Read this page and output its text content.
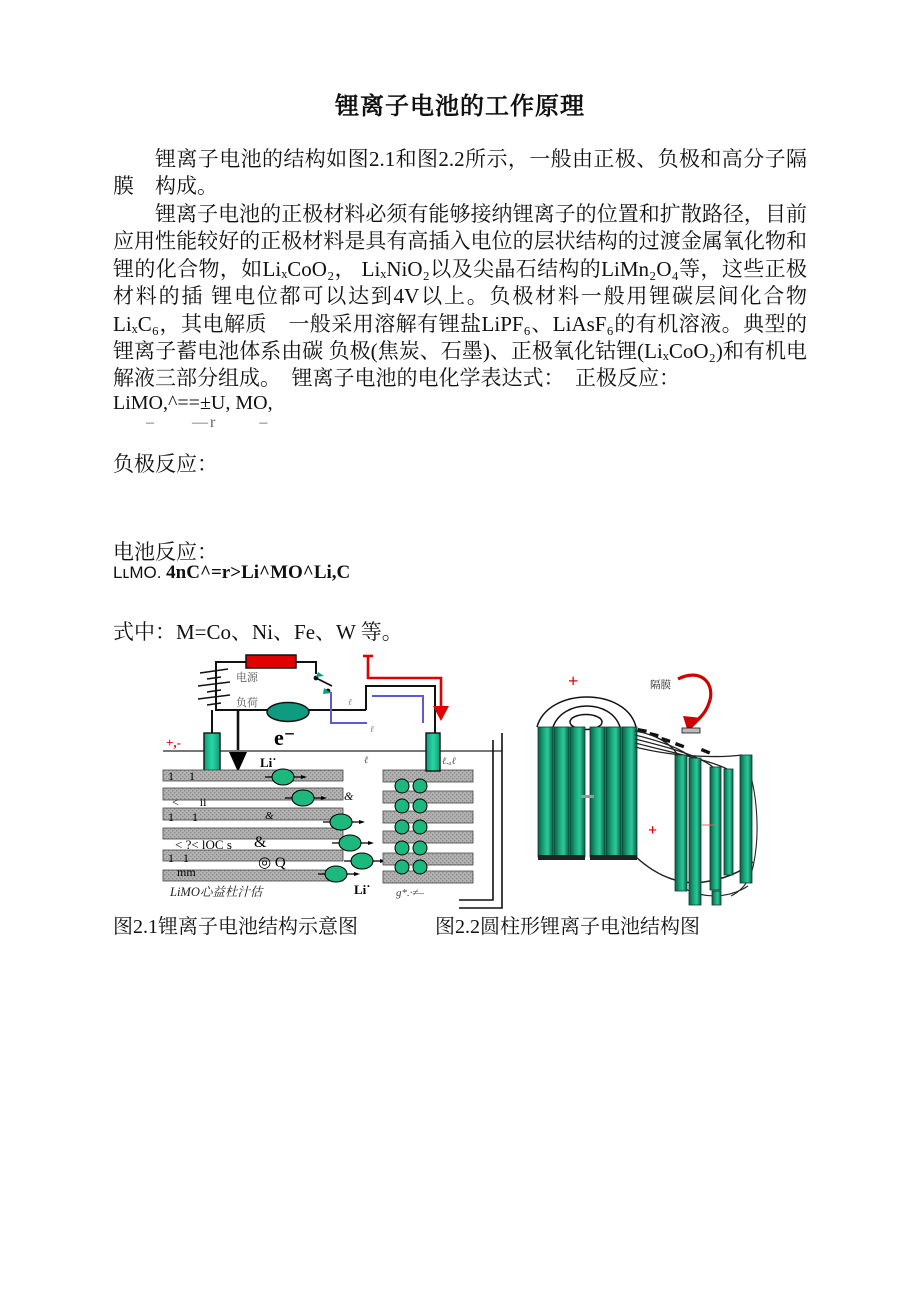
锂离子电池的工作原理
锂离子电池的结构如图2.1和图2.2所示，一般由正极、负极和高分子隔膜　构成。
锂离子电池的正极材料必须有能够接纳锂离子的位置和扩散路径，目前应用性能较好的正极材料是具有高插入电位的层状结构的过渡金属氧化物和锂的化合物，如LiₓCoO₂， LiₓNiO₂以及尖晶石结构的LiMn₂O₄等，这些正极材料的插 锂电位都可以达到4V以上。负极材料一般用锂碳层间化合物LiₓC₆，其电解质　一般采用溶解有锂盐LiPF₆、LiAsF₆的有机溶液。典型的锂离子蓄电池体系由碳 负极(焦炭、石墨)、正极氧化钴锂(LiₓCoO₂)和有机电解液三部分组成。　锂离子电池的电化学表达式：　正极反应：
LiMO,^==±U, MO,
–  —r   –
负极反应：
电池反应：
LʟMO. 4nC^=r>Li^MO^Li,C
式中：M=Co、Ni、Fe、W 等。
ℓ
ℓ
e⁻
电源
负荷
+,-
1     1
<       ii
1      1
< ?< lOC s
1   1
mm
◎ Q
&
&
LiMO心益杜汁估
Li˙
&
ℓ
Li˙ g*.·≠–
ℓ.ₐℓ
+	隔膜
+	—
图2.1锂离子电池结构示意图	图2.2圆柱形锂离子电池结构图
